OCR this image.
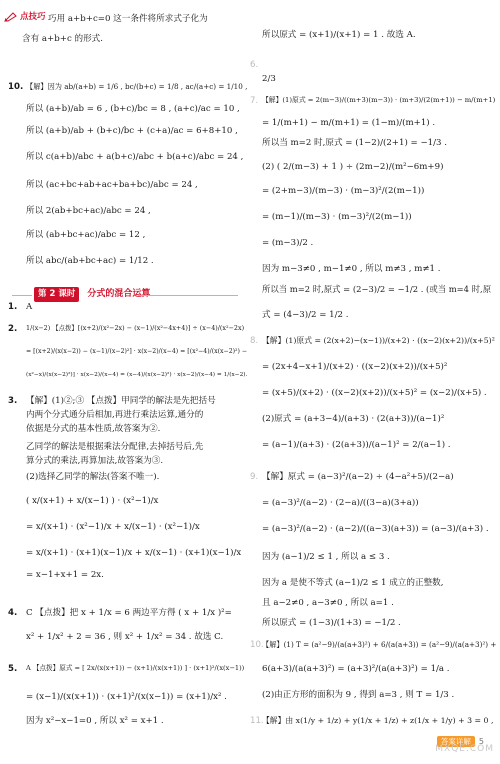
点技巧 巧用 a+b+c=0 这一条件将所求式子化为
含有 a+b+c 的形式.
第 2 课时	分式的混合运算
10. 【解】因为 ab/(a+b) = 1/6 , bc/(b+c) = 1/8 , ac/(a+c) = 1/10 ,
所以 (a+b)/ab = 6 , (b+c)/bc = 8 , (a+c)/ac = 10 ,
所以 (a+b)/ab + (b+c)/bc + (c+a)/ac = 6+8+10 ,
所以 c(a+b)/abc + a(b+c)/abc + b(a+c)/abc = 24 ,
所以 (ac+bc+ab+ac+ba+bc)/abc = 24 ,
所以 2(ab+bc+ac)/abc = 24 ,
所以 (ab+bc+ac)/abc = 12 ,
所以 abc/(ab+bc+ac) = 1/12 .
1. A
2. 1/(x−2) 【点拨】[(x+2)/(x²−2x) − (x−1)/(x²−4x+4)] ÷ (x−4)/(x²−2x)
= [(x+2)/(x(x−2)) − (x−1)/(x−2)²] · x(x−2)/(x−4) = [(x²−4)/(x(x−2)²) −
(x²−x)/(x(x−2)²)] · x(x−2)/(x−4) = (x−4)/(x(x−2)²) · x(x−2)/(x−4) = 1/(x−2).
3. 【解】(1)②;③ 【点拨】甲同学的解法是先把括号
内两个分式通分后相加,再进行乘法运算,通分的
依据是分式的基本性质,故答案为②.
乙同学的解法是根据乘法分配律,去掉括号后,先
算分式的乘法,再算加法,故答案为③.
(2)选择乙同学的解法(答案不唯一).
( x/(x+1) + x/(x−1) ) · (x²−1)/x
= x/(x+1) · (x²−1)/x + x/(x−1) · (x²−1)/x
= x/(x+1) · (x+1)(x−1)/x + x/(x−1) · (x+1)(x−1)/x
= x−1+x+1 = 2x.
4. C 【点拨】把 x + 1/x = 6 两边平方得 ( x + 1/x )²=
x² + 1/x² + 2 = 36 , 则 x² + 1/x² = 34 . 故选 C.
5. A 【点拨】原式 = [ 2x/(x(x+1)) − (x+1)/(x(x+1)) ] · (x+1)²/(x(x−1))
= (x−1)/(x(x+1)) · (x+1)²/(x(x−1)) = (x+1)/x² .
因为 x²−x−1=0 , 所以 x² = x+1 .
所以原式 = (x+1)/(x+1) = 1 . 故选 A.
6.
2/3
7. 【解】(1)原式 = 2(m−3)/((m+3)(m−3)) · (m+3)/(2(m+1)) − m/(m+1)
= 1/(m+1) − m/(m+1) = (1−m)/(m+1) .
所以当 m=2 时,原式 = (1−2)/(2+1) = −1/3 .
(2) ( 2/(m−3) + 1 ) ÷ (2m−2)/(m²−6m+9)
= (2+m−3)/(m−3) · (m−3)²/(2(m−1))
= (m−1)/(m−3) · (m−3)²/(2(m−1))
= (m−3)/2 .
因为 m−3≠0 , m−1≠0 , 所以 m≠3 , m≠1 .
所以当 m=2 时,原式 = (2−3)/2 = −1/2 . (或当 m=4 时,原
式 = (4−3)/2 = 1/2 .
8. 【解】(1)原式 = (2(x+2)−(x−1))/(x+2) · ((x−2)(x+2))/(x+5)²
= (2x+4−x+1)/(x+2) · ((x−2)(x+2))/(x+5)²
= (x+5)/(x+2) · ((x−2)(x+2))/(x+5)² = (x−2)/(x+5) .
(2)原式 = (a+3−4)/(a+3) · (2(a+3))/(a−1)²
= (a−1)/(a+3) · (2(a+3))/(a−1)² = 2/(a−1) .
9. 【解】原式 = (a−3)²/(a−2) ÷ (4−a²+5)/(2−a)
= (a−3)²/(a−2) · (2−a)/((3−a)(3+a))
= (a−3)²/(a−2) · (a−2)/((a−3)(a+3)) = (a−3)/(a+3) .
因为 (a−1)/2 ≤ 1 , 所以 a ≤ 3 .
因为 a 是使不等式 (a−1)/2 ≤ 1 成立的正整数,
且 a−2≠0 , a−3≠0 , 所以 a=1 .
所以原式 = (1−3)/(1+3) = −1/2 .
10.
【解】(1) T = (a²−9)/(a(a+3)²) + 6/(a(a+3)) = (a²−9)/(a(a+3)²) +
6(a+3)/(a(a+3)²) = (a+3)²/(a(a+3)²) = 1/a .
(2)由正方形的面积为 9 , 得到 a=3 , 则 T = 1/3 .
11.
【解】由 x(1/y + 1/z) + y(1/x + 1/z) + z(1/x + 1/y) + 3 = 0 ,
答案详解	5
MXQE.COM
